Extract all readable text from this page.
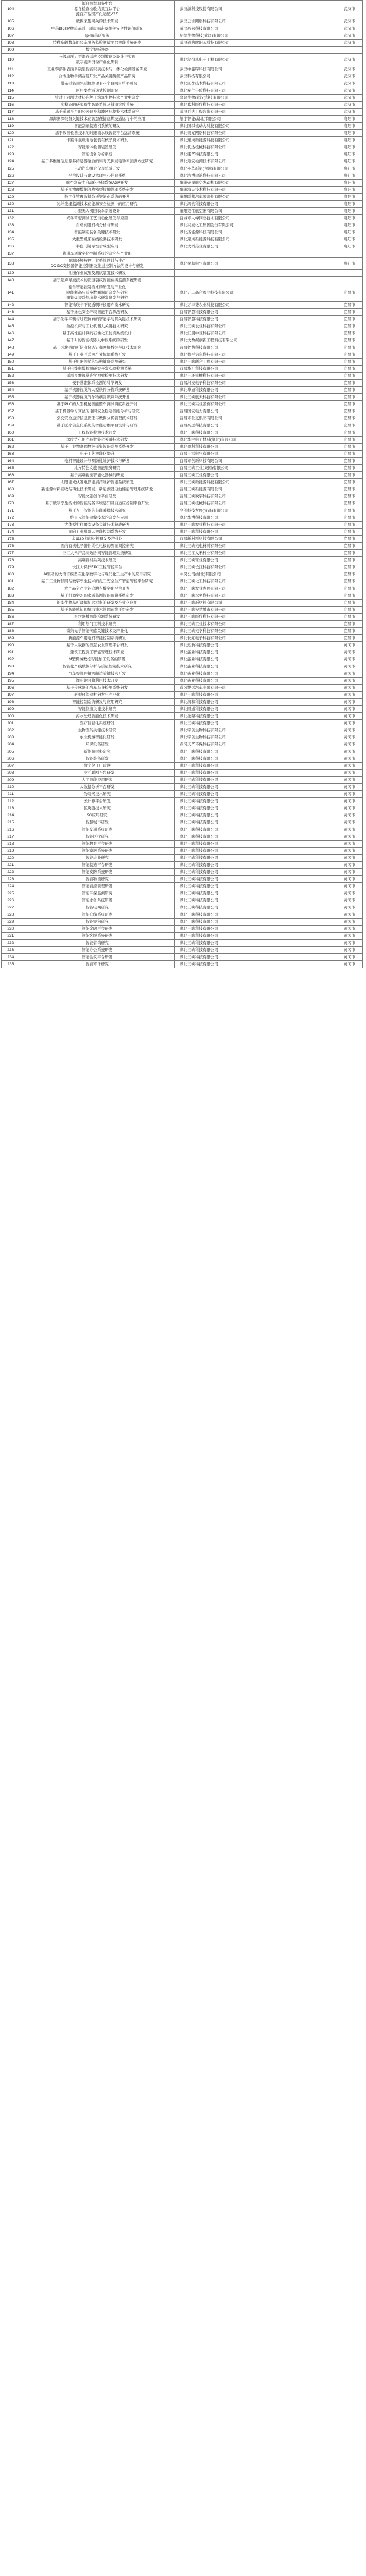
104	源自智慧服务中台
源自检查检验结果互认平台
源自产品国产化适配V7.5	武汉源科技股份有限公司	武汉市
105	数据采集网关的技术研发	武汉云洲网络科技有限公司	武汉市
106	中药BKTIP物质基础、质量标准及相关安全性评价研究	武汉药兴科技有限公司	武汉市
107	lip-mi药研服务	启德生物科技(武汉)有限公司	武汉市
108	特种车辆数车用公车服务监检测试平台智能系统研发	武汉道路欧阳天科技有限公司	武汉市
109	数字视听设备		

110	分级域压力平滑自适应控制策略及设计与实现
数字视听设备产业化研制	湖北汉恒风电子工程有限公司	武汉市
111	工业零部件表面多缺陷智能识别技术与一体化检测设备研发	武汉中鑫晖科技有限公司	武汉市
112	合成生物学储存及开发产品关键酶催产品研究	武汉科技有限公司	武汉市
113	一批基础能用果质检测项目-2个台间目单项研究	湖北江都技术科技有限公司	武汉市
114	医用集成雷达式检测研究	湖北聚仁佳传科技有限公司	武汉市
115	针对不同测试材料在种子筑筑生物技术产业中研发	金健生物(武汉)科技有限公司	武汉市
116	多模态的研究仿生智能系统及健康诊疗系统	湖北嘉科医疗科技有限公司	武汉市
117	基于遥感平台的公园健身和城区环境技术体系研究	武汉百达工程咨询有限公司	武汉市
118	深海测深装备关键技术在智慧便捷建筑交通运行中的应用	航宇智能(湖北)有限公司	襄阳市
119	智能刮刷制造机系统的研发	湖北国琪机动力科技有限公司	襄阳市
120	基于数智检测技术的时速流水线智能平台运营系统	湖北襄元网络科技有限公司	襄阳市
121	卡箍件重载电池包装在核子资本研发	湖北速成新能源科技有限公司	襄阳市
122	智能液体检测装置研发	湖北优达机械科技有限公司	襄阳市
123	智能设备分析系统	湖北康华科技有限公司	襄阳市
124	基于多维度信息源多传感器融合的实时光伏发电功率预测方法研究	湖北迪安检测技术有限公司	襄阳市
125	电动汽车组合仪表总成开发	湖北英华新星(台湾)有限公司	襄阳市
126	平台设计与建设管理中心信息系统	湖北浩博建筑科技有限公司	襄阳市
127	航空制造中自动化仓储系统AGV开发	襄阳帝晟航空发动机有限公司	襄阳市
128	基于多物理数据的精密型接触管理系统研发	襄阳海天技术科技有限公司	襄阳市
129	数字化管理数据分析智能化系统的开发	襄阳联邦汽车零部件有限公司	襄阳市
130	光纤光栅监测技术在能源安全检测中的应用研究	湖北鸿钧科技有限公司	襄阳市
131	小型无人机回收伞系统设计	襄阳宏伟航空器有限公司	襄阳市
132	光学精密测试工艺自动化研发与应用	宜城市大峰同杰技术有限公司	襄阳市
133	自动伺服机构分析与研发	湖北兴发化工集团股份有限公司	襄阳市
134	智能制造装备关键技术研发	湖北杰能源科技有限公司	襄阳市
135	大重型机床在线检测技术研发	湖北速成新能源科技有限公司	襄阳市
136	半色刊制导性合成型应用	湖北大桥药业有限公司	襄阳市
137	轨道车辆数字化控制系统的研究与产业化		

138	高温环境特种工业系统设计与生产
DC-DC变换器智能控制器及先进控制方法的设计与研发	湖北荣和电气有限公司	襄阳市
139	油田作业试压及测试装置技术研发		

140	基于超声导波技术的管道裂纹智能在线监测系统研发		

141	轮合智能控制技术的研发与产业化
险能制高只质多数阁调研研发与研究
铜铁焊接冷热坑技术研发研发与研究	湖北万丰高合农业科技有限公司	宜昌市
142	智能物联卡不仅透明增长用户技术研究	湖北万丰荟农业科技有限公司	宜昌市
143	基于绿色安全环境智能平台算法研发	宜昌智慧科技有限公司	宜昌市
144	基于化学平衡与过程仿真的智能学与其关键技术研究	宜昌智慧科技有限公司	宜昌市
145	数控机床与工业机器人关键技术研究	湖北三峡农业科技有限公司	宜昌市
146	基于高性能计算的石油化工仿真系统设计	湖北汇晟中亚科技有限公司	宜昌市
147	基于AI的智能机器人中枢系统的研发	湖北大数据创新工程科技有限公司	宜昌市
148	基于区块链的可信身份认证和网络数据存证技术研究	宜昌智慧科技有限公司	宜昌市
149	基于工业互联网产业标识系统开发	湖北德平信息科技有限公司	宜昌市
150	基于机器视觉的结构健康监测研究	湖北三峡联合工程有限公司	宜昌市
151	基于电线电缆检测研究开发实验检测系统	宜昌华汇科技有限公司	宜昌市
152	采用多维视觉光学照射检测技术研发	湖北三环机械科技有限公司	宜昌市
153	便于基准体系检测的科学研发	宜昌湘发电子科技有限公司	宜昌市
154	基于机器视觉的大型快件分拣系统研发	湖北华旭科技有限公司	宜昌市
155	基于机器视觉的作物病害识别系统开发	湖北三峡航天科技有限公司	宜昌市
156	基于PLC的大型机械智能整车测试调度系统开发	湖北三峡实业股份有限公司	宜昌市
157	基于机器学习算法的电网安全稳定智能分析与研究	宜昌国安电力有限公司	宜昌市
158	公交安全运营信息管理与数据分析管理技术研发	宜昌市公交集团有限公司	宜昌市
159	基于医疗信息化系统的智能运维平台设计与研发	宜昌兴远科技有限公司	宜昌市
160	工程智能检测技术开发	湖北三峡科技有限公司	宜昌市
161	深度钻孔用产品智能化关键技术研发	湖北华宇电子材料(湖北)有限公司	宜昌市
162	基于工业物联网数据采集智能监测系统开发	湖北盈科科技有限公司	宜昌市
163	电子工艺智能化提升	宜昌三雷电气有限公司	宜昌市
164	电机智能设计与预防性维护技术与研发	宜昌市创新科技有限公司	宜昌市
165	地方特色文旅智能服务研究	宜昌三峡工业(集团)有限公司	宜昌市
166	基于高端视觉智能化器械的研发	宜昌三峡工业有限公司	宜昌市
167	太阳能光伏发电智能清洁维护智能系统研发	湖北三峡新能源科技有限公司	宜昌市
168	新能源材料回收与再生技术研发，新能源锂电池储能管理系统研发	宜昌三峡新能源有限公司	宜昌市
169	智能文旅创作平台研发	宜昌三峡数字科技有限公司	宜昌市
170	基于数字孪生技术的智能装备环境感知及自适应控制平台开发	宜昌三峡机械科技有限公司	宜昌市
171	基于人工智能的节能减排技术研究	全创科技发展(宜昌)有限公司	宜昌市
172	三维点云智能建模技术的研发与应用	湖北华博科技有限公司	宜昌市
173	大体型生猪屠宰设备关键技术集成研发	湖北三峡农业科技有限公司	宜昌市
174	面向工业机器人智能控制系统开发	湖北三峡科技有限公司	宜昌市
175	金属3D打印材料研发及产业化	宜昌新材料科技有限公司	宜昌市
176	面向有机电子器件柔性电极的界面调控研究	湖北三峡光电材料有限公司	宜昌市
177	三江大禾产品高效协同智能管理系统研发	湖北三江大禾种业有限公司	宜昌市
178	高端管材系列技术研发	湖北三峡管业有限公司	宜昌市
179	长江大保护EPC工程管控平台	湖北三峡长江科技有限公司	宜昌市
180	AI驱动的大语言模型在化学数字化与现代化工生产中的应用研究	中昊公司(湖北)有限公司	宜昌市
181	基于工业物联网与数字孪生技术的化工安全生产智能管控平台研究	湖北三峡化工科技有限公司	宜昌市
182	农产品全产业链追溯与数字化平台开发	湖北三峡农业发展有限公司	宜昌市
183	基于机器学习的水质监测智能预警系统研发	湖北三峡水务科技有限公司	宜昌市
184	新型生物基可降解复合材料的研发及产业化应用	湖北三峡新材料有限公司	宜昌市
185	基于智能感知的城市排水管网运维平台研发	湖北三峡智慧城市有限公司	宜昌市
186	医疗器械智能检测系统研发	湖北三峡医疗科技有限公司	宜昌市
187	利用热门工料技术研究	湖北三峡工业技术有限公司	宜昌市
188	微纳光学智能传感关键技术及产业化	湖北三峡光学科技有限公司	宜昌市
189	新能源车用电机智能控制系统研发	湖北长虹电子科技有限公司	宜昌市
190	基于大数据的智慧农业管理平台研发	湖北远航科技有限公司	黄冈市
191	建筑工程施工智能管理技术研发	湖北鑫业科技有限公司	黄冈市
192	M型机械数控智能加工设备的研发	湖北鑫业科技有限公司	黄冈市
193	智能化产线数据分析与质量控制技术研究	湖北鑫业科技有限公司	黄冈市
194	汽车零部件精密制造关键技术开发	湖北鑫业科技有限公司	黄冈市
195	锂电池回收利用技术开发	湖北鑫业科技有限公司	黄冈市
196	基于传感器的汽车车身检测系统研发	黄冈博远汽车电器有限公司	黄冈市
197	新型环保建材研发与产业化	湖北三峡科技有限公司	黄冈市
198	智能控制系统研发与应用研究	湖北润和科技有限公司	黄冈市
199	智能制造关键技术研究	湖北圆通科技有限公司	黄冈市
200	污水处理智能化技术研发	湖北圣隆科技有限公司	黄冈市
201	医疗信息化系统研发	湖北三峡科技有限公司	黄冈市
202	生物医药关键技术研究	湖北宇创生物科技有限公司	黄冈市
203	农业机械智能化研发	湖北宇创生物科技有限公司	黄冈市
204	环保设备研发	黄冈天华环保科技有限公司	黄冈市
205	新能源材料研究	湖北三峡科技有限公司	黄冈市
206	智能装备研发	湖北三峡科技有限公司	黄冈市
207	数字化工厂建设	湖北三峡科技有限公司	黄冈市
208	工业互联网平台研发	湖北三峡科技有限公司	黄冈市
209	人工智能应用研究	湖北三峡科技有限公司	黄冈市
210	大数据分析平台研发	湖北三峡科技有限公司	黄冈市
211	物联网技术研究	湖北三峡科技有限公司	黄冈市
212	云计算平台研发	湖北三峡科技有限公司	黄冈市
213	区块链技术研究	湖北三峡科技有限公司	黄冈市
214	5G应用研究	湖北三峡科技有限公司	黄冈市
215	智慧城市研发	湖北三峡科技有限公司	黄冈市
216	智能交通系统研发	湖北三峡科技有限公司	黄冈市
217	智能医疗研究	湖北三峡科技有限公司	黄冈市
218	智能教育平台研发	湖北三峡科技有限公司	黄冈市
219	智能家居系统研发	湖北三峡科技有限公司	黄冈市
220	智能农业研究	湖北三峡科技有限公司	黄冈市
221	智能制造平台研发	湖北三峡科技有限公司	黄冈市
222	智能安防系统研发	湖北三峡科技有限公司	黄冈市
223	智能物流研究	湖北三峡科技有限公司	黄冈市
224	智能能源管理研发	湖北三峡科技有限公司	黄冈市
225	智能环保监测研究	湖北三峡科技有限公司	黄冈市
226	智能水务系统研发	湖北三峡科技有限公司	黄冈市
227	智能电网研究	湖北三峡科技有限公司	黄冈市
228	智能仓储系统研发	湖北三峡科技有限公司	黄冈市
229	智能零售研究	湖北三峡科技有限公司	黄冈市
230	智能金融平台研发	湖北三峡科技有限公司	黄冈市
231	智能客服系统研发	湖北三峡科技有限公司	黄冈市
232	智能营销研究	湖北三峡科技有限公司	黄冈市
233	智能办公系统研发	湖北三峡科技有限公司	黄冈市
234	智能会议平台研发	湖北三峡科技有限公司	黄冈市
235	智能审计研究	湖北三峡科技有限公司	黄冈市
